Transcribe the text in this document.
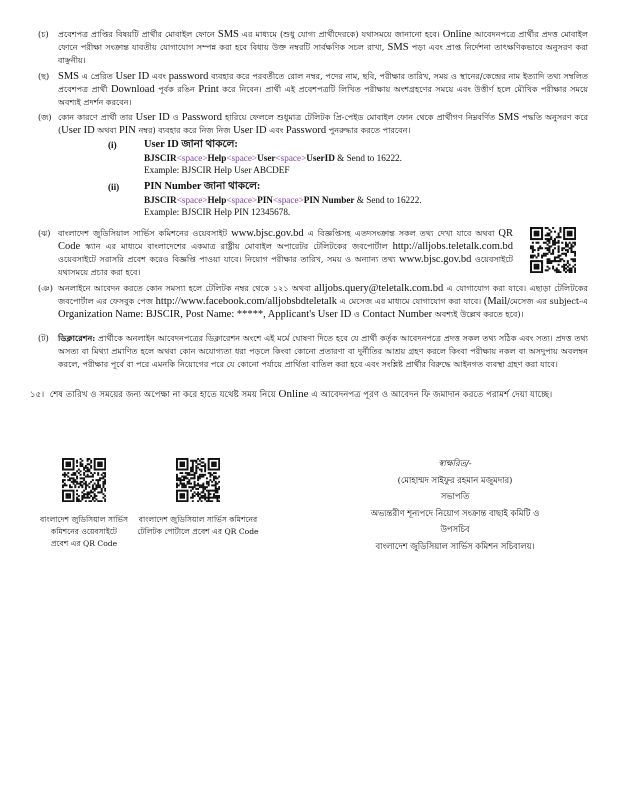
(চ) প্রবেশপত্র প্রাপ্তির বিষয়টি প্রার্থীর মোবাইল ফোনে SMS এর মাধ্যমে (শুধু যোগ্য প্রার্থীদেরকে) যথাসময়ে জানানো হবে। Online আবেদনপত্রে প্রার্থীর প্রদত্ত মোবাইল ফোনে পরীক্ষা সংক্রান্ত যাবতীয় যোগাযোগ সম্পন্ন করা হবে বিধায় উক্ত নম্বরটি সার্বক্ষণিক সচল রাখা, SMS পড়া এবং প্রাপ্ত নির্দেশনা তাৎক্ষণিকভাবে অনুসরণ করা বাঞ্ছনীয়।
(ছ) SMS এ প্রেরিত User ID এবং password ব্যবহার করে পরবর্তীতে রোল নম্বর, পদের নাম, ছবি, পরীক্ষার তারিখ, সময় ও স্থানের/কেন্দ্রের নাম ইত্যাদি তথ্য সম্বলিত প্রবেশপত্র প্রার্থী Download পূর্বক রঙিন Print করে নিবেন। প্রার্থী এই প্রবেশপত্রটি লিখিত পরীক্ষায় অংশগ্রহণের সময়ে এবং উত্তীর্ণ হলে মৌখিক পরীক্ষার সময়ে অবশ্যই প্রদর্শন করবেন।
(জ) কোন কারণে প্রার্থী তার User ID ও Password হারিয়ে ফেললে শুধুমাত্র টেলিটক প্রি-পেইড মোবাইল ফোন থেকে প্রার্থীগণ নিম্নবর্ণিত SMS পদ্ধতি অনুসরণ করে (User ID অথবা PIN নম্বর) ব্যবহার করে নিজ নিজ User ID এবং Password পুনরুদ্ধার করতে পারবেন।
(i)	User ID জানা থাকলে:
BJSCIR<space>Help<space>User<space>UserID & Send to 16222.
Example: BJSCIR Help User ABCDEF
(ii) PIN Number জানা থাকলে:
BJSCIR<space>Help<space>PIN<space>PIN Number & Send to 16222.
Example: BJSCIR Help PIN 12345678.
(ঝ) বাংলাদেশ জুডিসিয়াল সার্ভিস কমিশনের ওয়েবসাইট www.bjsc.gov.bd এ বিজ্ঞপ্তিসহ এতদসংক্রান্ত সকল তথ্য দেখা যাবে অথবা QR Code স্ক্যান এর মাধ্যমে বাংলাদেশের একমাত্র রাষ্ট্রীয় মোবাইল অপারেটর টেলিটকের জবপোর্টাল http://alljobs.teletalk.com.bd ওয়েবসাইটে সরাসরি প্রবেশ করেও বিজ্ঞপ্তি পাওয়া যাবে। নিয়োগ পরীক্ষার তারিখ, সময় ও অন্যান্য তথ্য www.bjsc.gov.bd ওয়েবসাইটে যথাসময়ে প্রচার করা হবে।
(ঞ) অনলাইনে আবেদন করতে কোন সমস্যা হলে টেলিটক নম্বর থেকে ১২১ অথবা alljobs.query@teletalk.com.bd এ যোগাযোগ করা যাবে। এছাড়া টেলিটকের জবপোর্টাল এর ফেসবুক পেজ http://www.facebook.com/alljobsbdteletalk এ মেসেজ এর মাধ্যমে যোগাযোগ করা যাবে। (Mail/মেসেজ এর subject-এ Organization Name: BJSCIR, Post Name: *****, Applicant's User ID ও Contact Number অবশ্যই উল্লেখ করতে হবে)।
(ট) ডিক্লারেশন: প্রার্থীকে অনলাইন আবেদনপত্রের ডিক্লারেশন অংশে এই মর্মে ঘোষণা দিতে হবে যে প্রার্থী কর্তৃক আবেদনপত্রে প্রদত্ত সকল তথ্য সঠিক এবং সত্য। প্রদত্ত তথ্য অসত্য বা মিথ্যা প্রমাণিত হলে অথবা কোন অযোগ্যতা ধরা পড়লে কিংবা কোনো প্রতারণা বা দুর্নীতির আশ্রয় গ্রহণ করলে কিংবা পরীক্ষায় নকল বা অসদুপায় অবলম্বন করলে, পরীক্ষার পূর্বে বা পরে এমনকি নিয়োগের পরে যে কোনো পর্যায়ে প্রার্থিতা বাতিল করা হবে এবং সংশ্লিষ্ট প্রার্থীর বিরুদ্ধে আইনগত ব্যবস্থা গ্রহণ করা যাবে।
১৫। শেষ তারিখ ও সময়ের জন্য অপেক্ষা না করে হাতে যথেষ্ট সময় নিয়ে Online এ আবেদনপত্র পূরণ ও আবেদন ফি জমাদান করতে পরামর্শ দেয়া যাচ্ছে।
বাংলাদেশ জুডিসিয়াল সার্ভিস
কমিশনের ওয়েবসাইটে
প্রবেশ এর QR Code
বাংলাদেশ জুডিসিয়াল সার্ভিস কমিশনের
টেলিটক পোর্টালে প্রবেশ এর QR Code
স্বাক্ষরিত/-
(মোহাম্মদ সাইফুর রহমান মজুমদার)
সভাপতি
অভ্যন্তরীণ শূন্যপদে নিয়োগ সংক্রান্ত বাছাই কমিটি ও
উপসচিব
বাংলাদেশ জুডিসিয়াল সার্ভিস কমিশন সচিবালয়।
